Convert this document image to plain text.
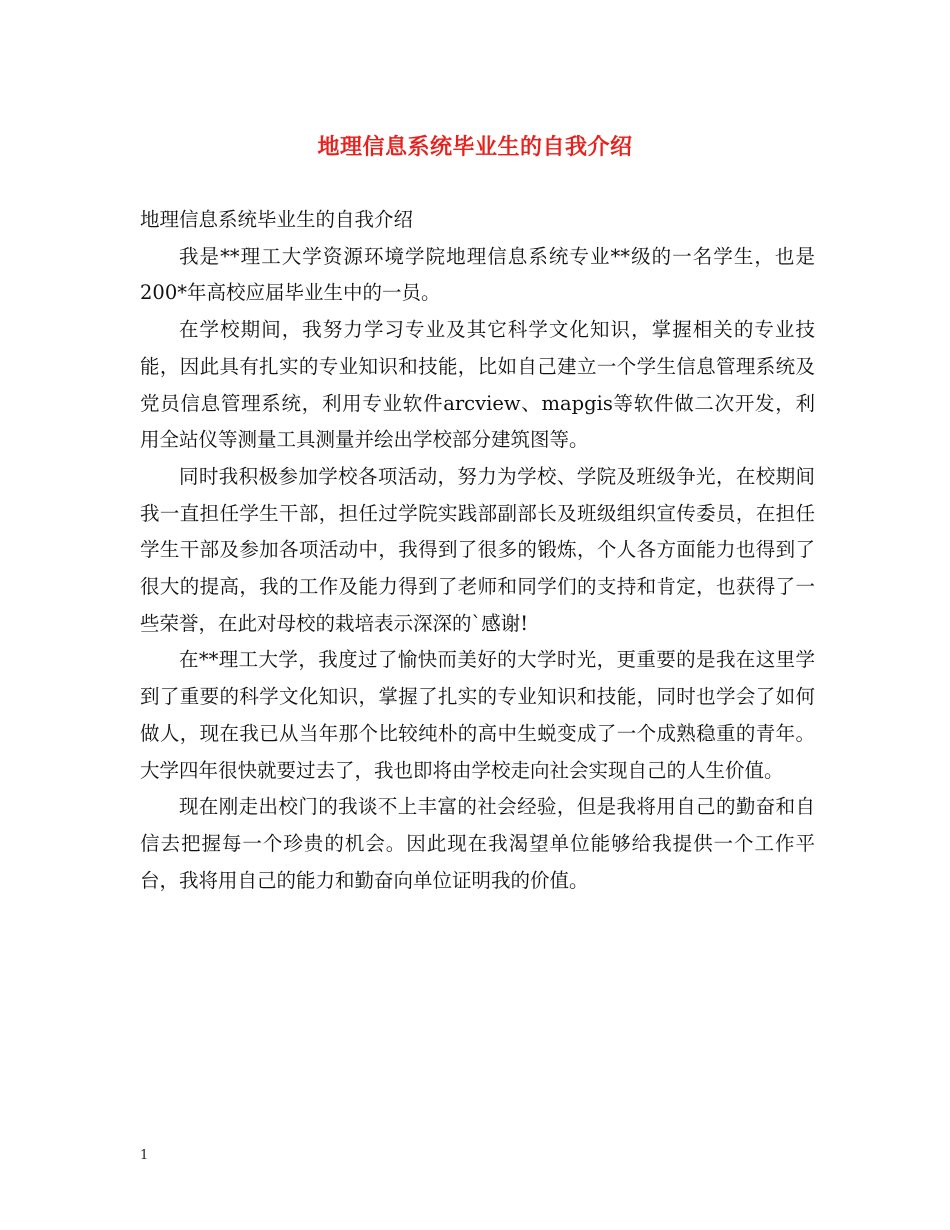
地理信息系统毕业生的自我介绍

地理信息系统毕业生的自我介绍

我是**理工大学资源环境学院地理信息系统专业**级的一名学生，也是200*年高校应届毕业生中的一员。

在学校期间，我努力学习专业及其它科学文化知识，掌握相关的专业技能，因此具有扎实的专业知识和技能，比如自己建立一个学生信息管理系统及党员信息管理系统，利用专业软件arcview、mapgis等软件做二次开发，利用全站仪等测量工具测量并绘出学校部分建筑图等。

同时我积极参加学校各项活动，努力为学校、学院及班级争光，在校期间我一直担任学生干部，担任过学院实践部副部长及班级组织宣传委员，在担任学生干部及参加各项活动中，我得到了很多的锻炼，个人各方面能力也得到了很大的提高，我的工作及能力得到了老师和同学们的支持和肯定，也获得了一些荣誉，在此对母校的栽培表示深深的`感谢!

在**理工大学，我度过了愉快而美好的大学时光，更重要的是我在这里学到了重要的科学文化知识，掌握了扎实的专业知识和技能，同时也学会了如何做人，现在我已从当年那个比较纯朴的高中生蜕变成了一个成熟稳重的青年。大学四年很快就要过去了，我也即将由学校走向社会实现自己的人生价值。

现在刚走出校门的我谈不上丰富的社会经验，但是我将用自己的勤奋和自信去把握每一个珍贵的机会。因此现在我渴望单位能够给我提供一个工作平台，我将用自己的能力和勤奋向单位证明我的价值。

1
